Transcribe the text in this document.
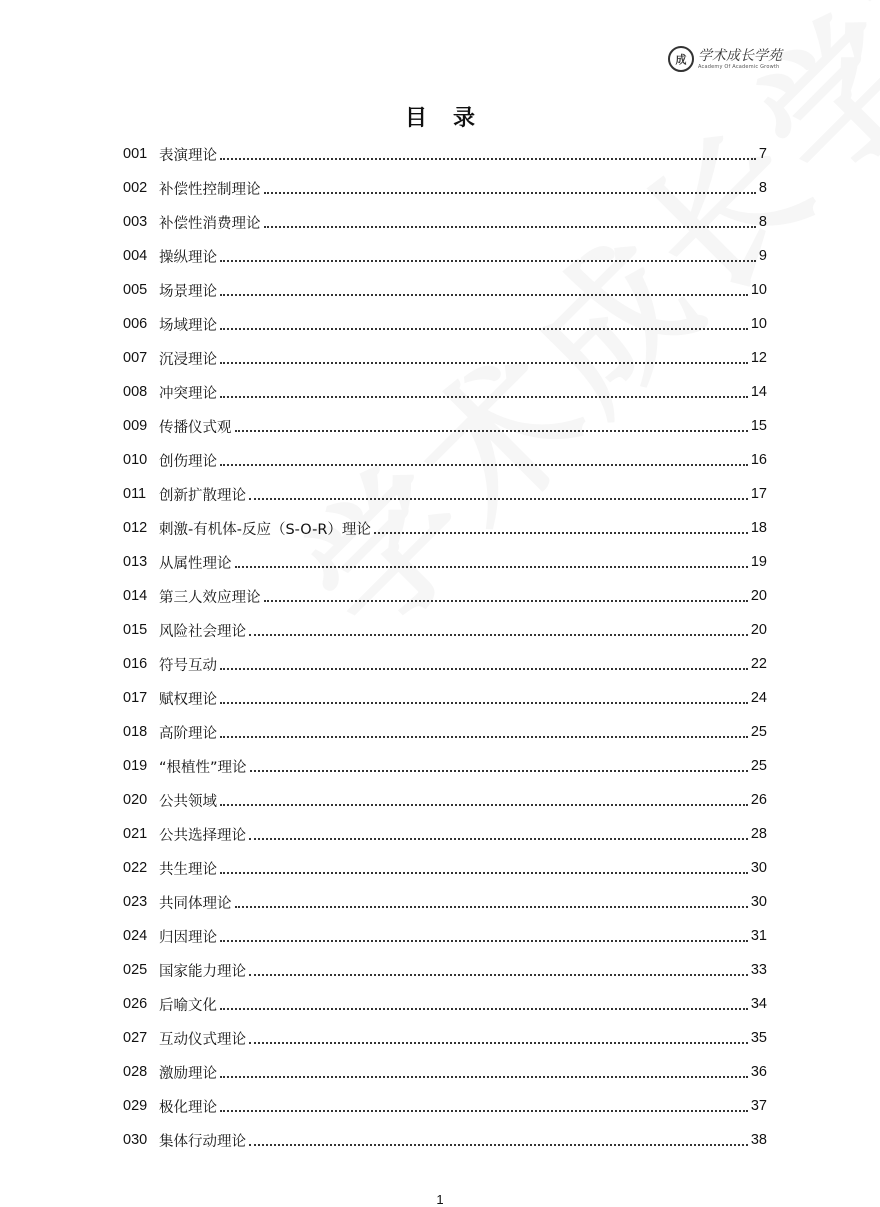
成 学术成长学苑
Academy Of Academic Growth
目录
001 表演理论	7
002 补偿性控制理论	8
003 补偿性消费理论	8
004 操纵理论	9
005 场景理论	10
006 场域理论	10
007 沉浸理论	12
008 冲突理论	14
009 传播仪式观	15
010 创伤理论	16
011 创新扩散理论	17
012 刺激-有机体-反应（S-O-R）理论	18
013 从属性理论	19
014 第三人效应理论	20
015 风险社会理论	20
016 符号互动	22
017 赋权理论	24
018 高阶理论	25
019 “根植性”理论	25
020 公共领域	26
021 公共选择理论	28
022 共生理论	30
023 共同体理论	30
024 归因理论	31
025 国家能力理论	33
026 后喻文化	34
027 互动仪式理论	35
028 激励理论	36
029 极化理论	37
030 集体行动理论	38
1
